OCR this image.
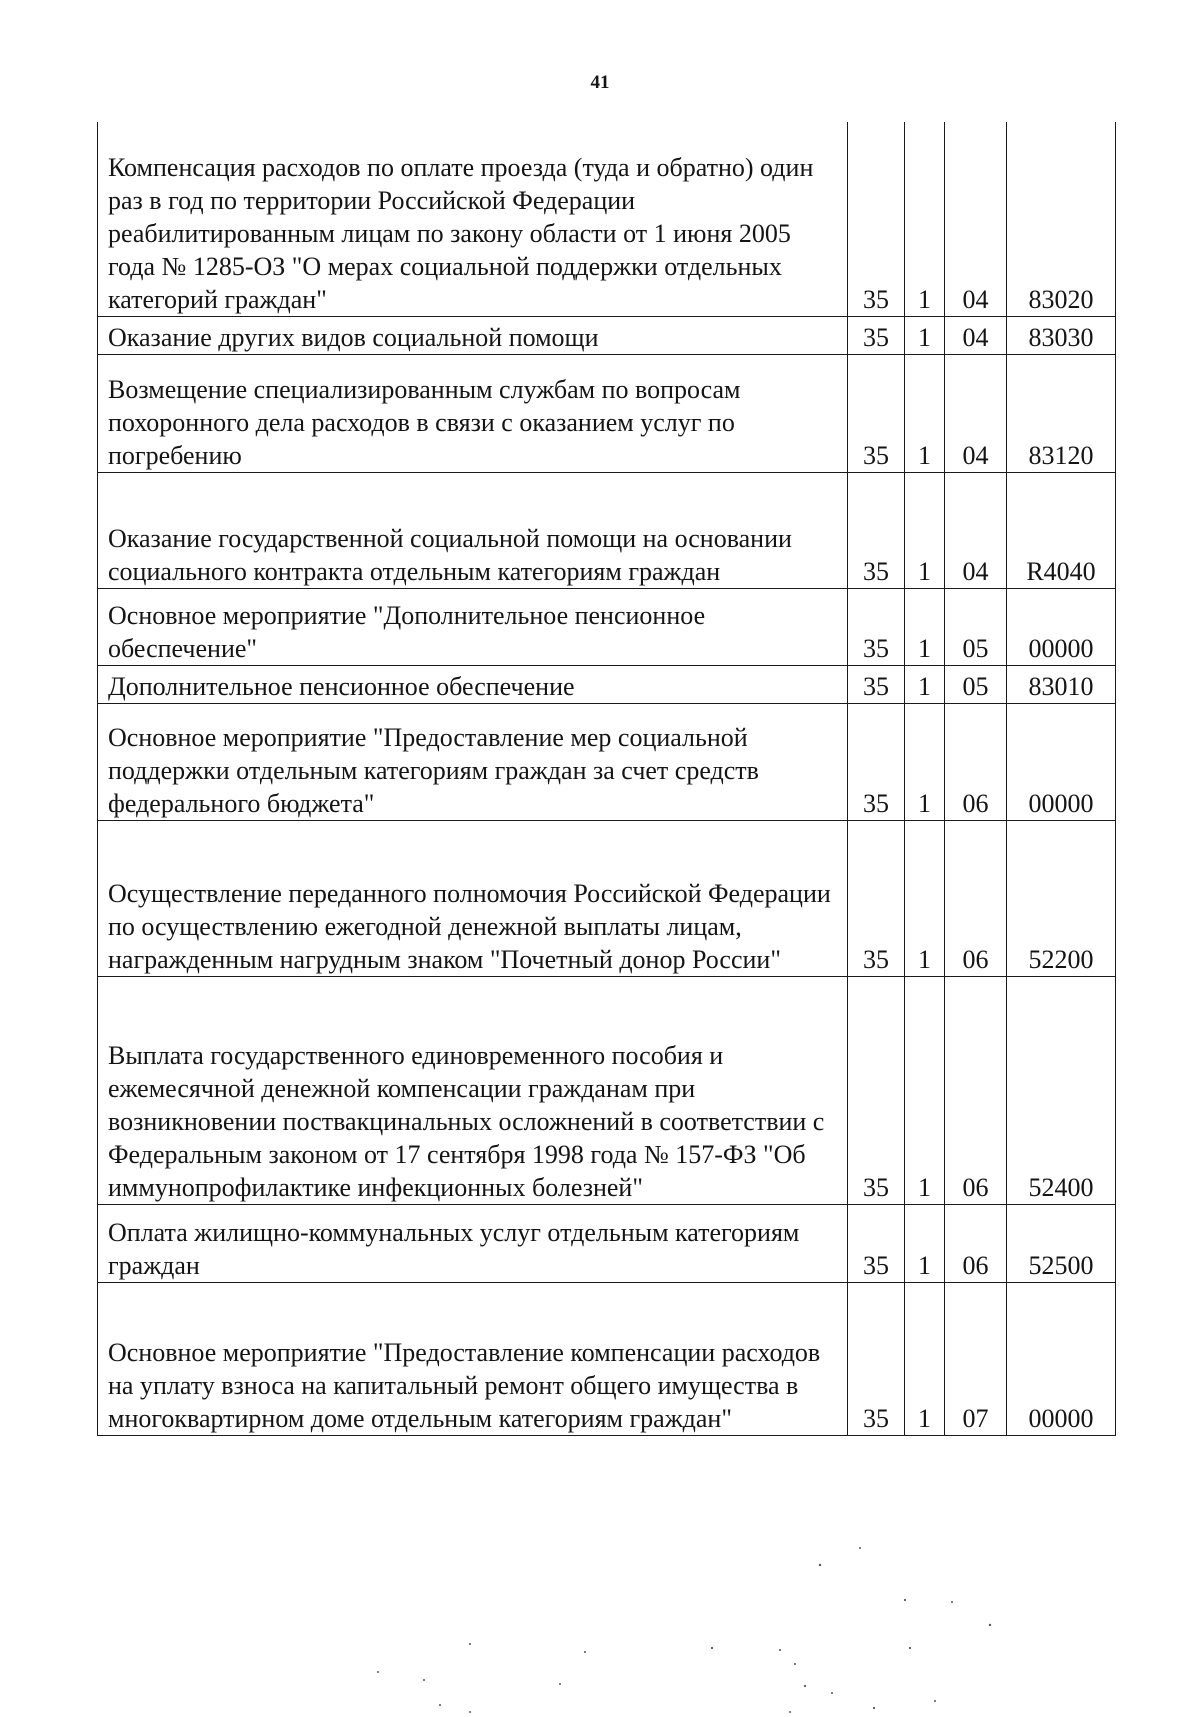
41
Компенсация расходов по оплате проезда (туда и обратно) один раз в год по территории Российской Федерации реабилитированным лицам по закону области от 1 июня 2005 года № 1285-ОЗ "О мерах социальной поддержки отдельных категорий граждан"	35	1	04	83020
Оказание других видов социальной помощи	35	1	04	83030
Возмещение специализированным службам по вопросам похоронного дела расходов в связи с оказанием услуг по погребению	35	1	04	83120
Оказание государственной социальной помощи на основании социального контракта отдельным категориям граждан	35	1	04	R4040
Основное мероприятие "Дополнительное пенсионное обеспечение"	35	1	05	00000
Дополнительное пенсионное обеспечение	35	1	05	83010
Основное мероприятие "Предоставление мер социальной поддержки отдельным категориям граждан за счет средств федерального бюджета"	35	1	06	00000
Осуществление переданного полномочия Российской Федерации по осуществлению ежегодной денежной выплаты лицам, награжденным нагрудным знаком "Почетный донор России"	35	1	06	52200
Выплата государственного единовременного пособия и ежемесячной денежной компенсации гражданам при возникновении поствакцинальных осложнений в соответствии с Федеральным законом от 17 сентября 1998 года № 157-ФЗ "Об иммунопрофилактике инфекционных болезней"	35	1	06	52400
Оплата жилищно-коммунальных услуг отдельным категориям граждан	35	1	06	52500
Основное мероприятие "Предоставление компенсации расходов на уплату взноса на капитальный ремонт общего имущества в многоквартирном доме отдельным категориям граждан"	35	1	07	00000
